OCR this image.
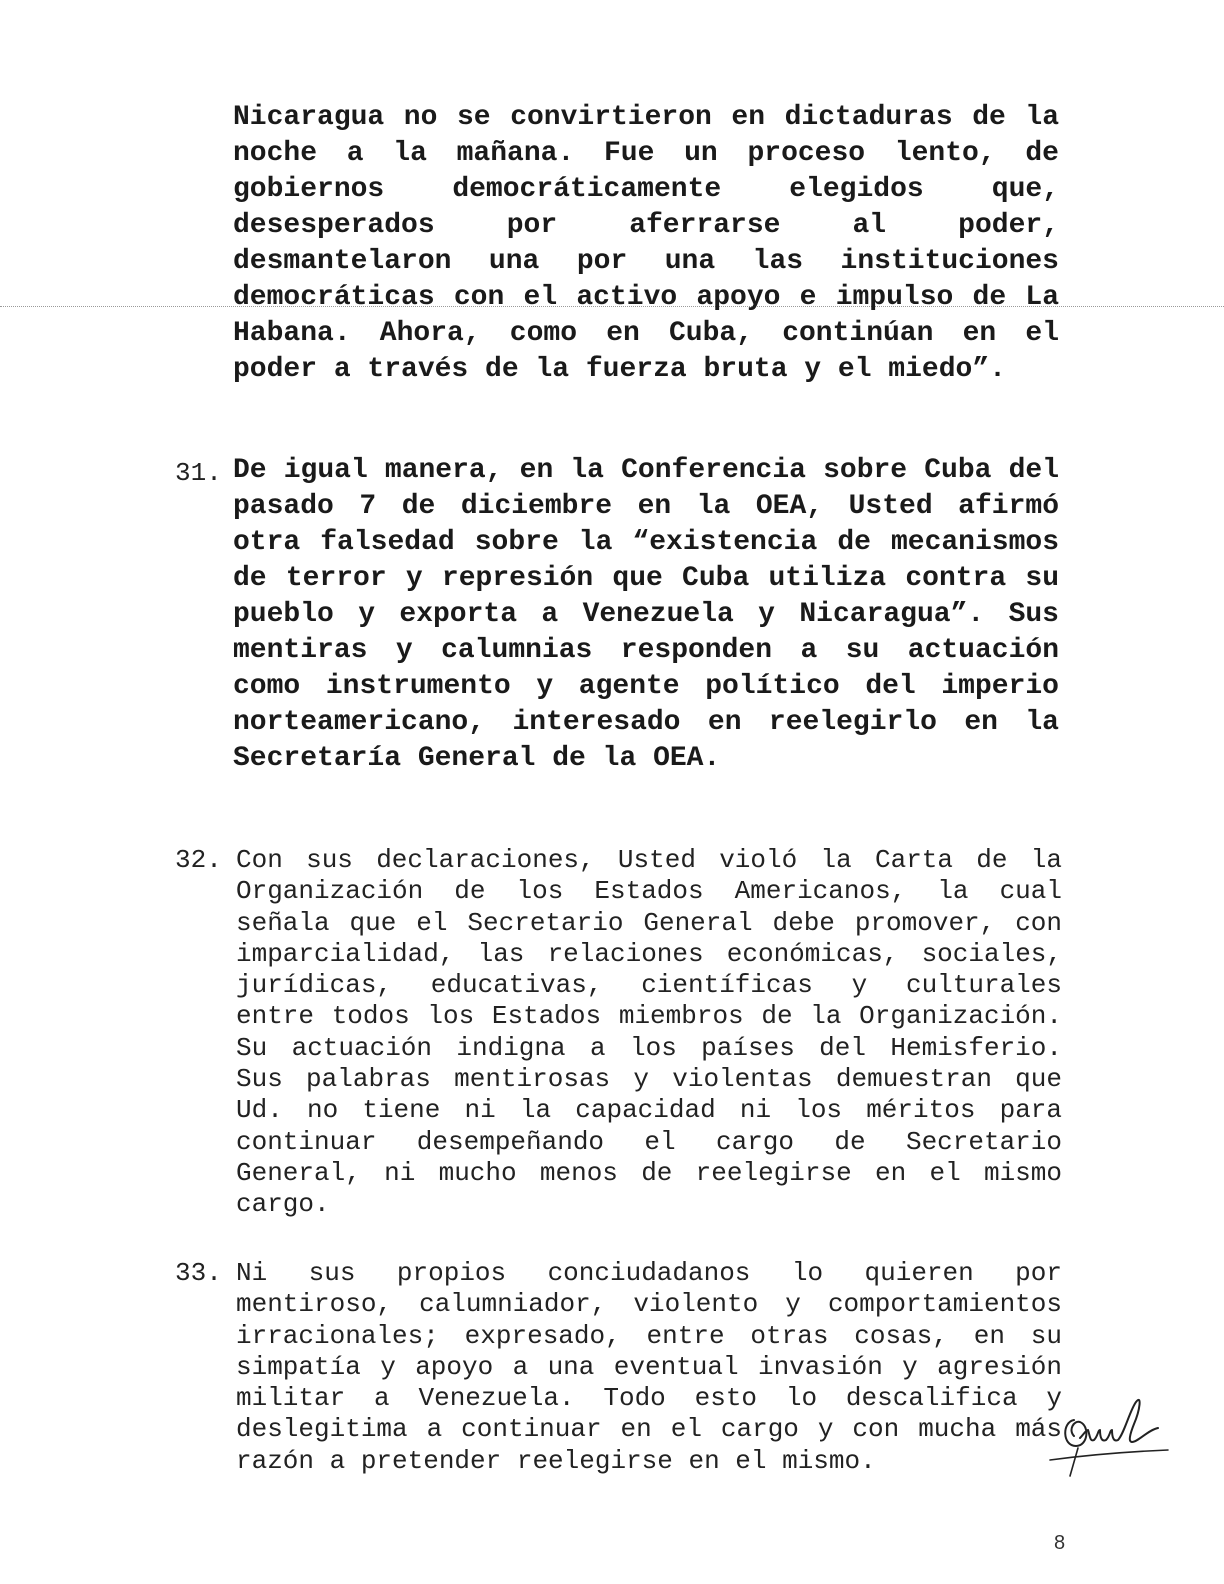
Nicaragua no se convirtieron en dictaduras de la noche a la mañana. Fue un proceso lento, de gobiernos democráticamente elegidos que, desesperados por aferrarse al poder, desmantelaron una por una las instituciones democráticas con el activo apoyo e impulso de La Habana. Ahora, como en Cuba, continúan en el poder a través de la fuerza bruta y el miedo”.
31. De igual manera, en la Conferencia sobre Cuba del pasado 7 de diciembre en la OEA, Usted afirmó otra falsedad sobre la “existencia de mecanismos de terror y represión que Cuba utiliza contra su pueblo y exporta a Venezuela y Nicaragua”. Sus mentiras y calumnias responden a su actuación como instrumento y agente político del imperio norteamericano, interesado en reelegirlo en la Secretaría General de la OEA.
32. Con sus declaraciones, Usted violó la Carta de la Organización de los Estados Americanos, la cual señala que el Secretario General debe promover, con imparcialidad, las relaciones económicas, sociales, jurídicas, educativas, científicas y culturales entre todos los Estados miembros de la Organización. Su actuación indigna a los países del Hemisferio. Sus palabras mentirosas y violentas demuestran que Ud. no tiene ni la capacidad ni los méritos para continuar desempeñando el cargo de Secretario General, ni mucho menos de reelegirse en el mismo cargo.
33. Ni sus propios conciudadanos lo quieren por mentiroso, calumniador, violento y comportamientos irracionales; expresado, entre otras cosas, en su simpatía y apoyo a una eventual invasión y agresión militar a Venezuela. Todo esto lo descalifica y deslegitima a continuar en el cargo y con mucha más razón a pretender reelegirse en el mismo.
8
